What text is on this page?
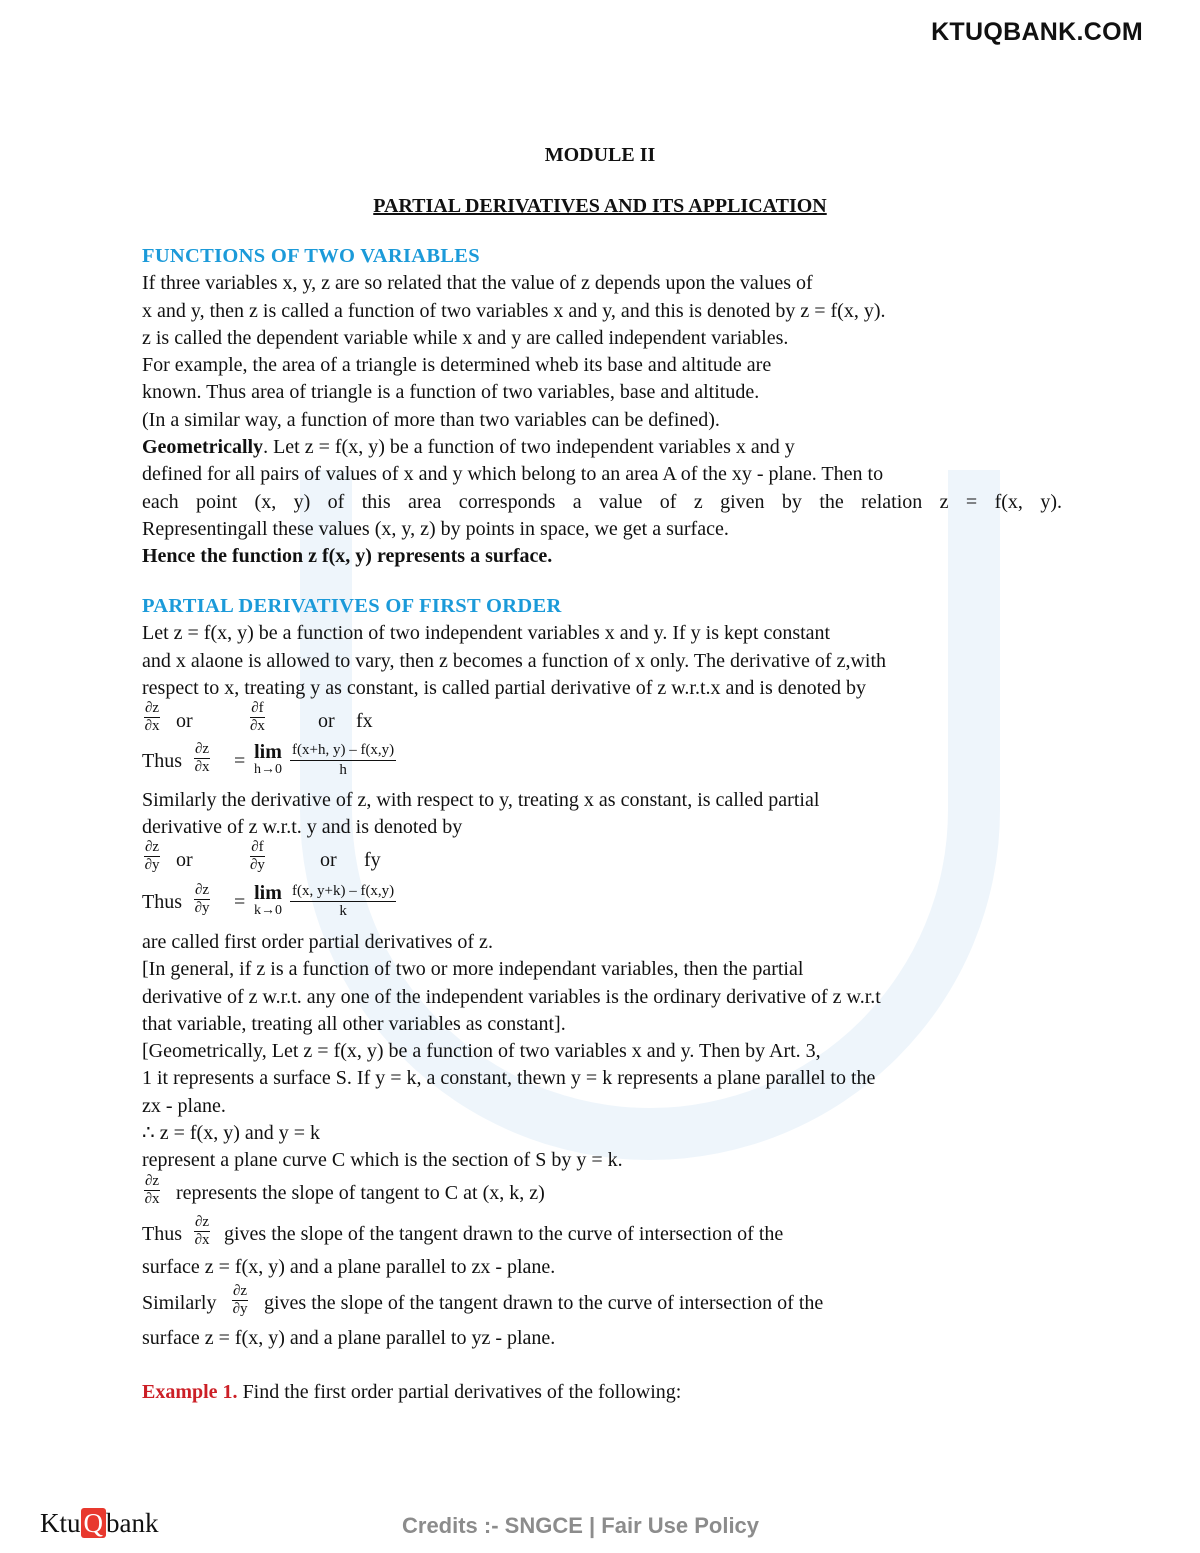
KTUQBANK.COM
MODULE II
PARTIAL DERIVATIVES AND ITS APPLICATION
FUNCTIONS OF TWO VARIABLES
If three variables x, y, z are so related that the value of z depends upon the values of
x and y, then z is called a function of two variables x and y, and this is denoted by z = f(x, y).
z is called the dependent variable while x and y are called independent variables.
For example, the area of a triangle is determined wheb its base and altitude are
known. Thus area of triangle is a function of two variables, base and altitude.
(In a similar way, a function of more than two variables can be defined).
Geometrically. Let z = f(x, y) be a function of two independent variables x and y
defined for all pairs of values of x and y which belong to an area A of the xy - plane. Then to
each point (x, y) of this area corresponds a value of z given by the relation z = f(x, y).
Representingall these values (x, y, z) by points in space, we get a surface.
Hence the function z f(x, y) represents a surface.
PARTIAL DERIVATIVES OF FIRST ORDER
Let z = f(x, y) be a function of two independent variables x and y. If y is kept constant
and x alaone is allowed to vary, then z becomes a function of x only. The derivative of z,with
respect to x, treating y as constant, is called partial derivative of z w.r.t.x and is denoted by
$\frac{\partial z}{\partial x}$ or	$\frac{\partial f}{\partial x}$	or fx
Thus $\frac{\partial z}{\partial x} = \lim$
$h\to 0 \frac{f(x+h, y) - f(x,y)}{h}$
Similarly the derivative of z, with respect to y, treating x as constant, is called partial
derivative of z w.r.t. y and is denoted by
$\frac{\partial z}{\partial y}$ or	$\frac{\partial f}{\partial y}$	or fy
Thus $\frac{\partial z}{\partial y} = \lim$
$k\to 0 \frac{f(x, y+k) - f(x,y)}{k}$
are called first order partial derivatives of z.
[In general, if z is a function of two or more independant variables, then the partial
derivative of z w.r.t. any one of the independent variables is the ordinary derivative of z w.r.t
that variable, treating all other variables as constant].
[Geometrically, Let z = f(x, y) be a function of two variables x and y. Then by Art. 3,
1 it represents a surface S. If y = k, a constant, thewn y = k represents a plane parallel to the
zx - plane.
∴ z = f(x, y) and y = k
represent a plane curve C which is the section of S by y = k.
$\frac{\partial z}{\partial x}$ represents the slope of tangent to C at (x, k, z)
Thus $\frac{\partial z}{\partial x}$ gives the slope of the tangent drawn to the curve of intersection of the
surface z = f(x, y) and a plane parallel to zx - plane.
Similarly $\frac{\partial z}{\partial y}$ gives the slope of the tangent drawn to the curve of intersection of the
surface z = f(x, y) and a plane parallel to yz - plane.
Example 1. Find the first order partial derivatives of the following:
Ktu Q bank	Credits :- SNGCE | Fair Use Policy
